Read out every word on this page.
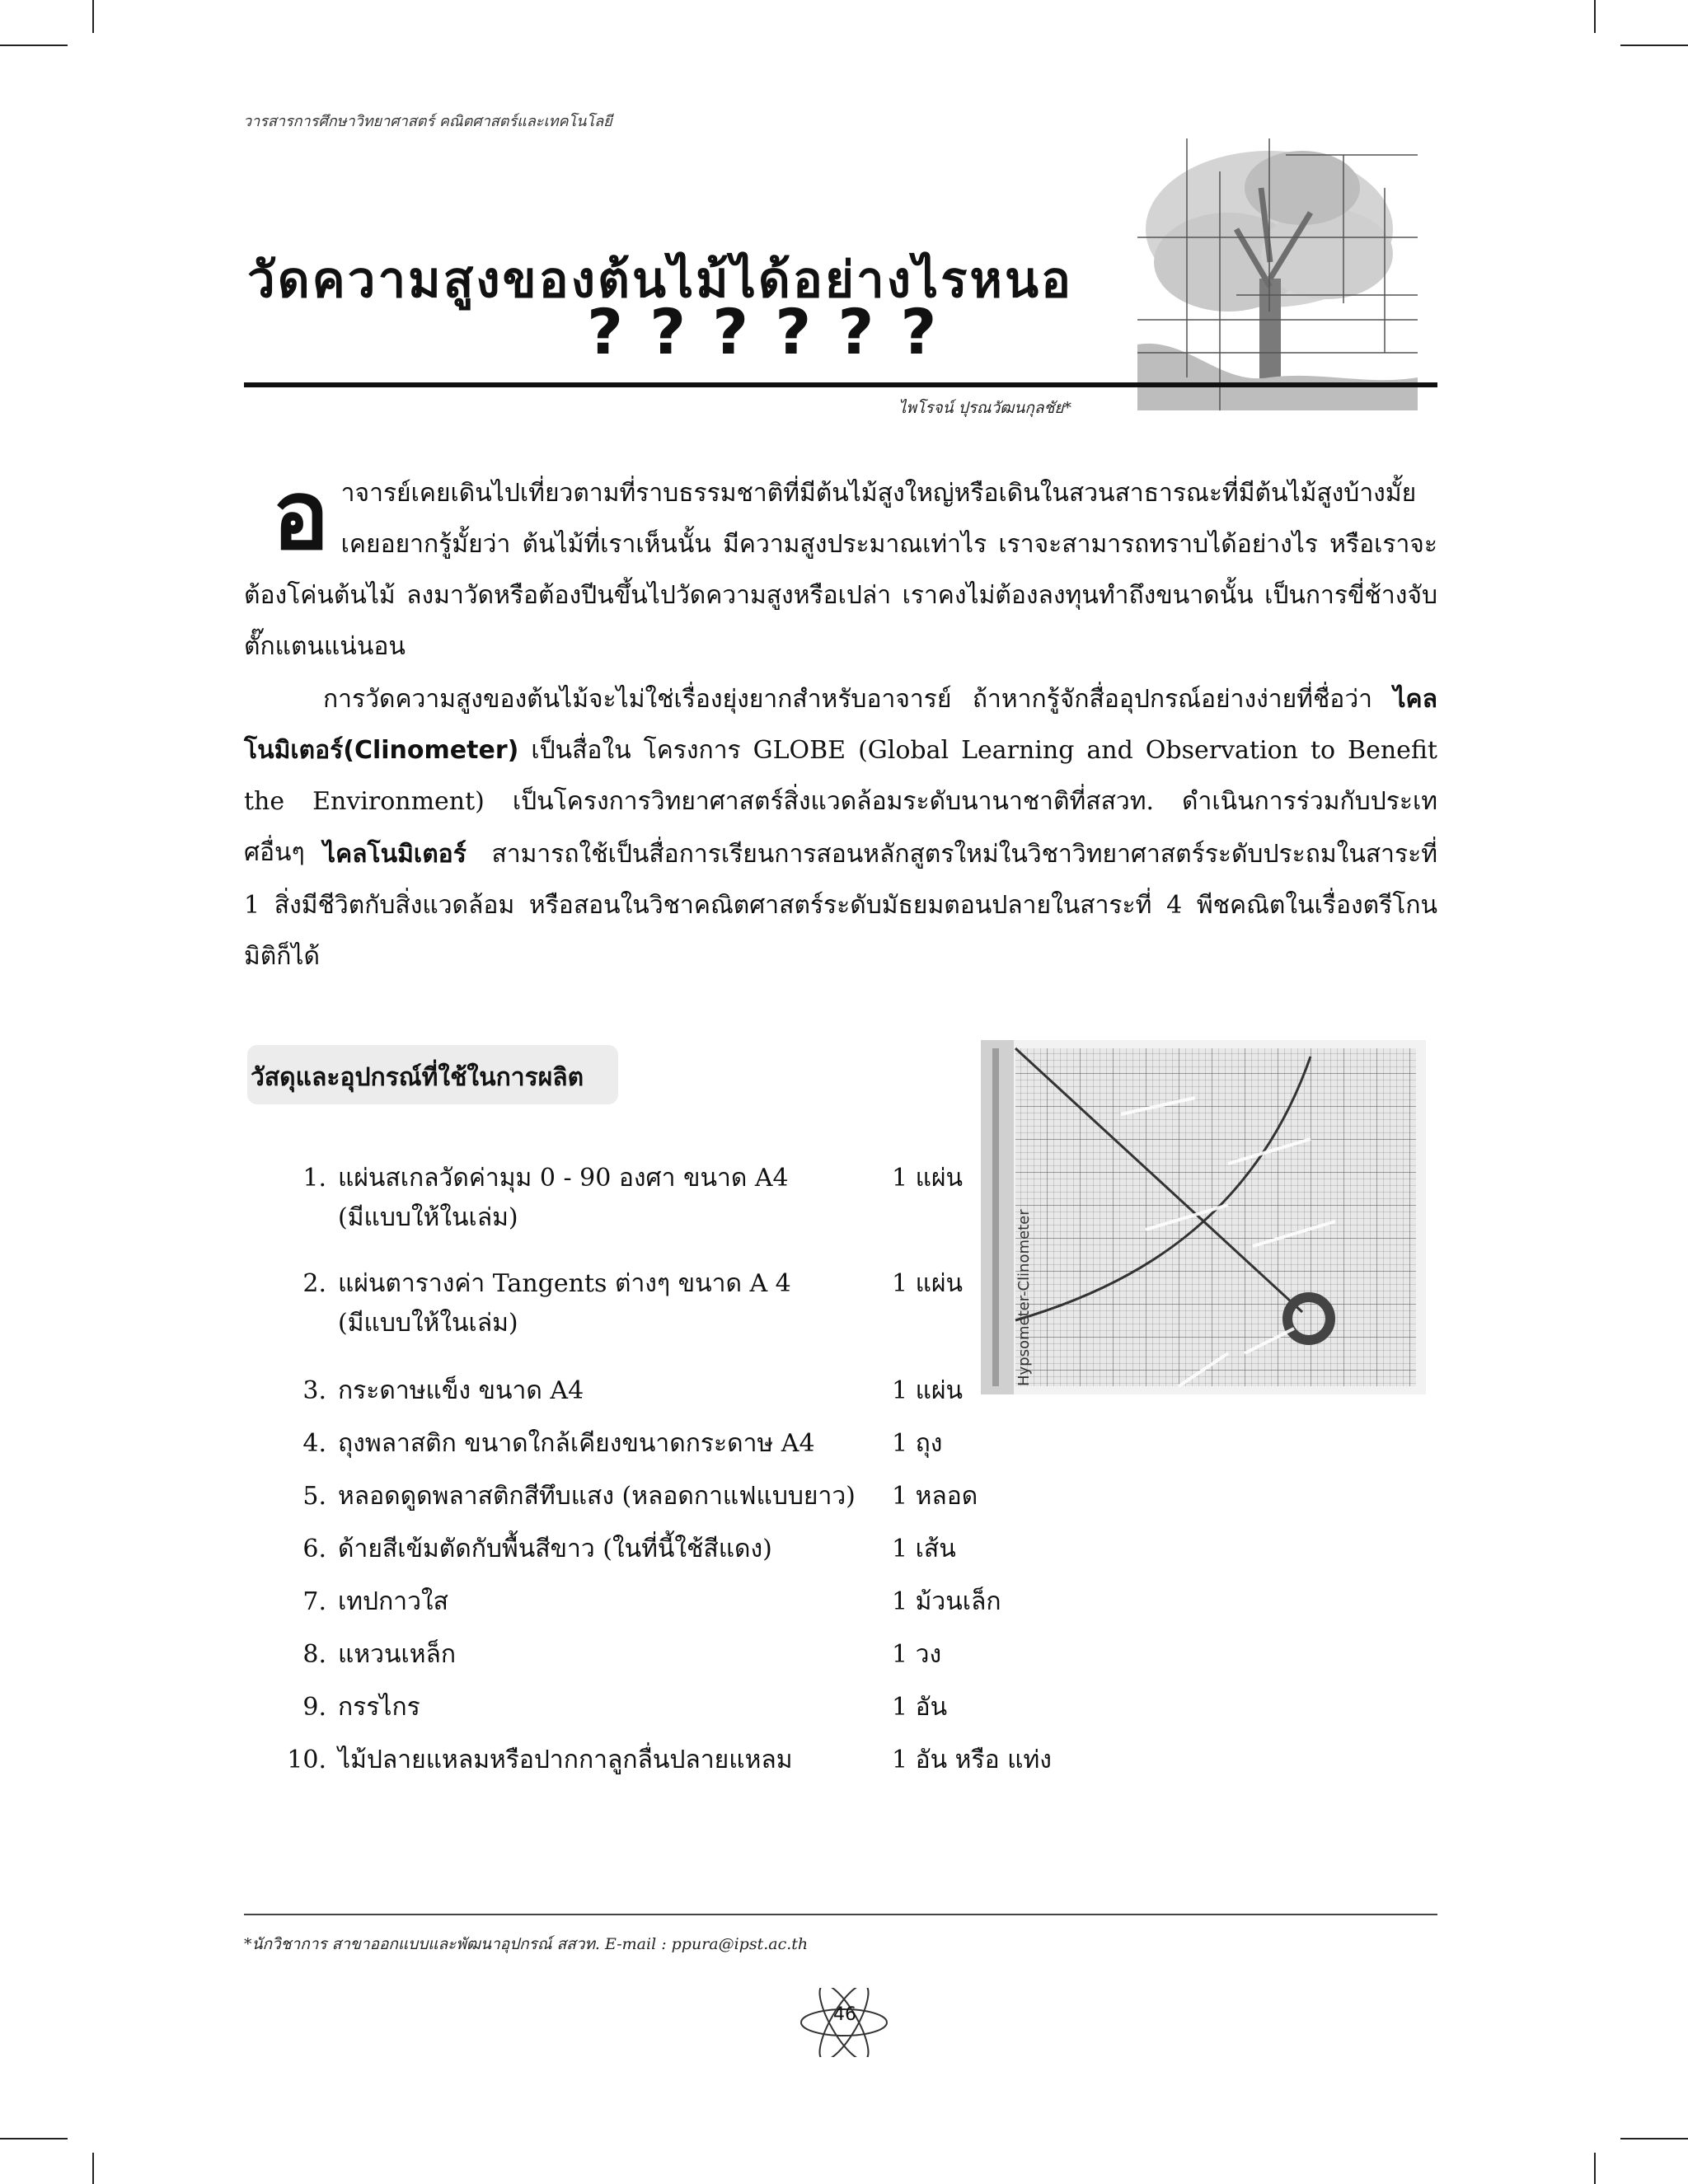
วารสารการศึกษาวิทยาศาสตร์ คณิตศาสตร์และเทคโนโลยี
วัดความสูงของต้นไม้ได้อย่างไรหนอ
??????
ไพโรจน์ ปุรณวัฒนกุลชัย*
อาจารย์เคยเดินไปเที่ยวตามที่ราบธรรมชาติที่มีต้นไม้สูงใหญ่หรือเดินในสวนสาธารณะที่มีต้นไม้สูงบ้างมั้ย เคยอยากรู้มั้ยว่า ต้นไม้ที่เราเห็นนั้น มีความสูงประมาณเท่าไร เราจะสามารถทราบได้อย่างไร หรือเราจะต้องโค่นต้นไม้ ลงมาวัดหรือต้องปีนขึ้นไปวัดความสูงหรือเปล่า เราคงไม่ต้องลงทุนทำถึงขนาดนั้น เป็นการขี่ช้างจับตั๊กแตนแน่นอน
การวัดความสูงของต้นไม้จะไม่ใช่เรื่องยุ่งยากสำหรับอาจารย์ ถ้าหากรู้จักสื่ออุปกรณ์อย่างง่ายที่ชื่อว่า ไคลโนมิเตอร์(Clinometer) เป็นสื่อใน โครงการ GLOBE (Global Learning and Observation to Benefit the Environment) เป็นโครงการวิทยาศาสตร์สิ่งแวดล้อมระดับนานาชาติที่สสวท. ดำเนินการร่วมกับประเทศอื่นๆ ไคลโนมิเตอร์ สามารถใช้เป็นสื่อการเรียนการสอนหลักสูตรใหม่ในวิชาวิทยาศาสตร์ระดับประถมในสาระที่ 1 สิ่งมีชีวิตกับสิ่งแวดล้อม หรือสอนในวิชาคณิตศาสตร์ระดับมัธยมตอนปลายในสาระที่ 4 พีชคณิตในเรื่องตรีโกนมิติก็ได้
วัสดุและอุปกรณ์ที่ใช้ในการผลิต
1. แผ่นสเกลวัดค่ามุม 0 - 90 องศา ขนาด A4	1 แผ่น
(มีแบบให้ในเล่ม)
2. แผ่นตารางค่า Tangents ต่างๆ ขนาด A 4	1 แผ่น
(มีแบบให้ในเล่ม)
3. กระดาษแข็ง ขนาด A4	1 แผ่น
4. ถุงพลาสติก ขนาดใกล้เคียงขนาดกระดาษ A4	1 ถุง
5. หลอดดูดพลาสติกสีทึบแสง (หลอดกาแฟแบบยาว)	1 หลอด
6. ด้ายสีเข้มตัดกับพื้นสีขาว (ในที่นี้ใช้สีแดง)	1 เส้น
7. เทปกาวใส	1 ม้วนเล็ก
8. แหวนเหล็ก	1 วง
9. กรรไกร	1 อัน
10. ไม้ปลายแหลมหรือปากกาลูกลื่นปลายแหลม	1 อัน หรือ แท่ง
Hypsometer-Clinometer
*นักวิชาการ สาขาออกแบบและพัฒนาอุปกรณ์ สสวท. E-mail : ppura@ipst.ac.th
46
